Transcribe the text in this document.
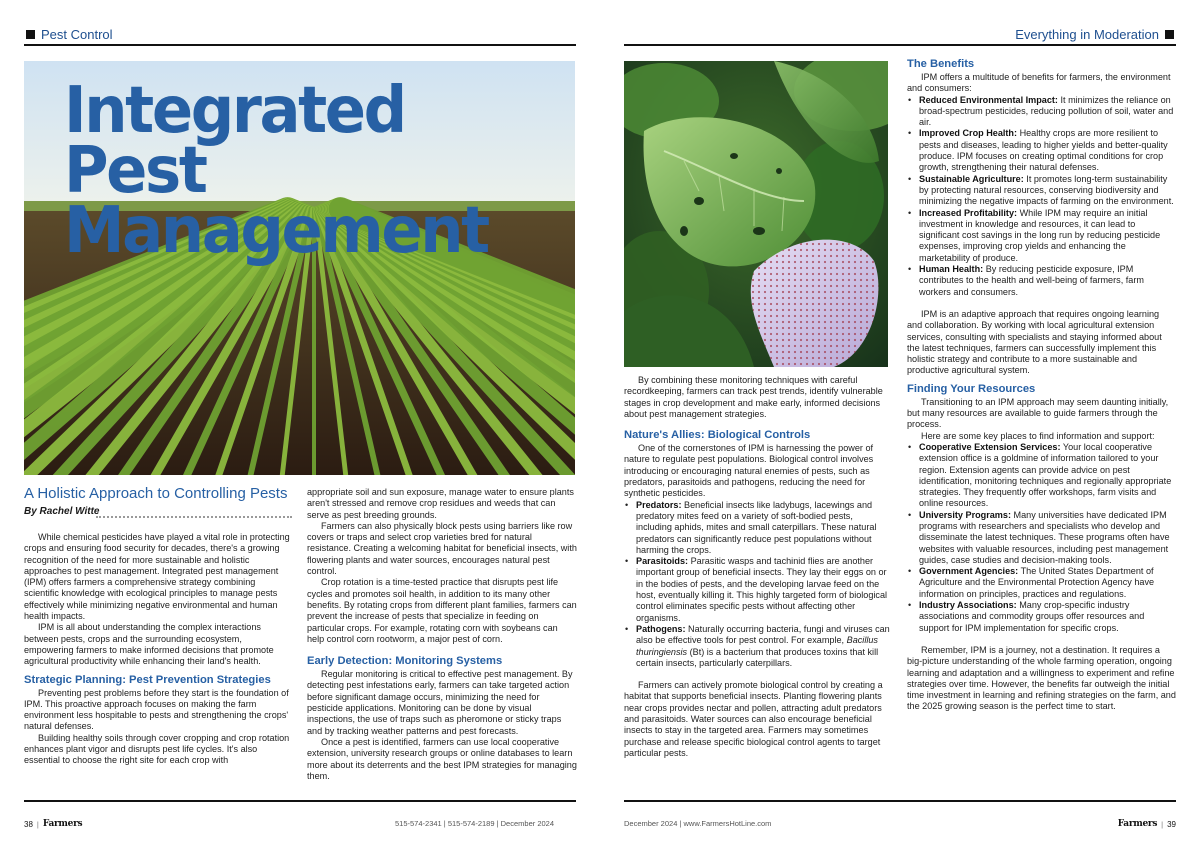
Pest Control	Everything in Moderation
Integrated Pest
Management
A Holistic Approach to Controlling Pests
By Rachel Witte

While chemical pesticides have played a vital role in protecting crops and ensuring food security for decades, there's a growing recognition of the need for more sustainable and holistic approaches to pest management. Integrated pest management (IPM) offers farmers a comprehensive strategy combining scientific knowledge with ecological principles to manage pests effectively while minimizing negative environmental and human health impacts.

IPM is all about understanding the complex interactions between pests, crops and the surrounding ecosystem, empowering farmers to make informed decisions that promote agricultural productivity while enhancing their land's health.

Strategic Planning: Pest Prevention Strategies

Preventing pest problems before they start is the foundation of IPM. This proactive approach focuses on making the farm environment less hospitable to pests and strengthening the crops' natural defenses.

Building healthy soils through cover cropping and crop rotation enhances plant vigor and disrupts pest life cycles. It's also essential to choose the right site for each crop with

appropriate soil and sun exposure, manage water to ensure plants aren't stressed and remove crop residues and weeds that can serve as pest breeding grounds.

Farmers can also physically block pests using barriers like row covers or traps and select crop varieties bred for natural resistance. Creating a welcoming habitat for beneficial insects, with flowering plants and water sources, encourages natural pest control.

Crop rotation is a time-tested practice that disrupts pest life cycles and promotes soil health, in addition to its many other benefits. By rotating crops from different plant families, farmers can prevent the increase of pests that specialize in feeding on particular crops. For example, rotating corn with soybeans can help control corn rootworm, a major pest of corn.

Early Detection: Monitoring Systems

Regular monitoring is critical to effective pest management. By detecting pest infestations early, farmers can take targeted action before significant damage occurs, minimizing the need for pesticide applications. Monitoring can be done by visual inspections, the use of traps such as pheromone or sticky traps and by tracking weather patterns and pest forecasts.

Once a pest is identified, farmers can use local cooperative extension, university research groups or online databases to learn more about its deterrents and the best IPM strategies for managing them.

By combining these monitoring techniques with careful recordkeeping, farmers can track pest trends, identify vulnerable stages in crop development and make early, informed decisions about pest management strategies.

Nature's Allies: Biological Controls

One of the cornerstones of IPM is harnessing the power of nature to regulate pest populations. Biological control involves introducing or encouraging natural enemies of pests, such as predators, parasitoids and pathogens, reducing the need for synthetic pesticides.

• Predators: Beneficial insects like ladybugs, lacewings and predatory mites feed on a variety of soft-bodied pests, including aphids, mites and small caterpillars. These natural predators can significantly reduce pest populations without harming the crops.
• Parasitoids: Parasitic wasps and tachinid flies are another important group of beneficial insects. They lay their eggs on or in the bodies of pests, and the developing larvae feed on the host, eventually killing it. This highly targeted form of biological control eliminates specific pests without affecting other organisms.
• Pathogens: Naturally occurring bacteria, fungi and viruses can also be effective tools for pest control. For example, Bacillus thuringiensis (Bt) is a bacterium that produces toxins that kill certain insects, particularly caterpillars.

Farmers can actively promote biological control by creating a habitat that supports beneficial insects. Planting flowering plants near crops provides nectar and pollen, attracting adult predators and parasitoids. Water sources can also encourage beneficial insects to stay in the targeted area. Farmers may sometimes purchase and release specific biological control agents to target particular pests.

The Benefits

IPM offers a multitude of benefits for farmers, the environment and consumers:

• Reduced Environmental Impact: It minimizes the reliance on broad-spectrum pesticides, reducing pollution of soil, water and air.
• Improved Crop Health: Healthy crops are more resilient to pests and diseases, leading to higher yields and better-quality produce. IPM focuses on creating optimal conditions for crop growth, strengthening their natural defenses.
• Sustainable Agriculture: It promotes long-term sustainability by protecting natural resources, conserving biodiversity and minimizing the negative impacts of farming on the environment.
• Increased Profitability: While IPM may require an initial investment in knowledge and resources, it can lead to significant cost savings in the long run by reducing pesticide expenses, improving crop yields and enhancing the marketability of produce.
• Human Health: By reducing pesticide exposure, IPM contributes to the health and well-being of farmers, farm workers and consumers.

IPM is an adaptive approach that requires ongoing learning and collaboration. By working with local agricultural extension services, consulting with specialists and staying informed about the latest techniques, farmers can successfully implement this holistic strategy and contribute to a more sustainable and productive agricultural system.

Finding Your Resources

Transitioning to an IPM approach may seem daunting initially, but many resources are available to guide farmers through the process.

Here are some key places to find information and support:

• Cooperative Extension Services: Your local cooperative extension office is a goldmine of information tailored to your region. Extension agents can provide advice on pest identification, monitoring techniques and regionally appropriate strategies. They frequently offer workshops, farm visits and online resources.
• University Programs: Many universities have dedicated IPM programs with researchers and specialists who develop and disseminate the latest techniques. These programs often have websites with valuable resources, including pest management guides, case studies and decision-making tools.
• Government Agencies: The United States Department of Agriculture and the Environmental Protection Agency have information on principles, practices and regulations.
• Industry Associations: Many crop-specific industry associations and commodity groups offer resources and support for IPM implementation for specific crops.

Remember, IPM is a journey, not a destination. It requires a big-picture understanding of the whole farming operation, ongoing learning and adaptation and a willingness to experiment and refine strategies over time. However, the benefits far outweigh the initial time investment in learning and refining strategies on the farm, and the 2025 growing season is the perfect time to start.

38 | Farmers	515-574-2341 | 515-574-2189 | December 2024	December 2024 | www.FarmersHotLine.com	Farmers | 39
